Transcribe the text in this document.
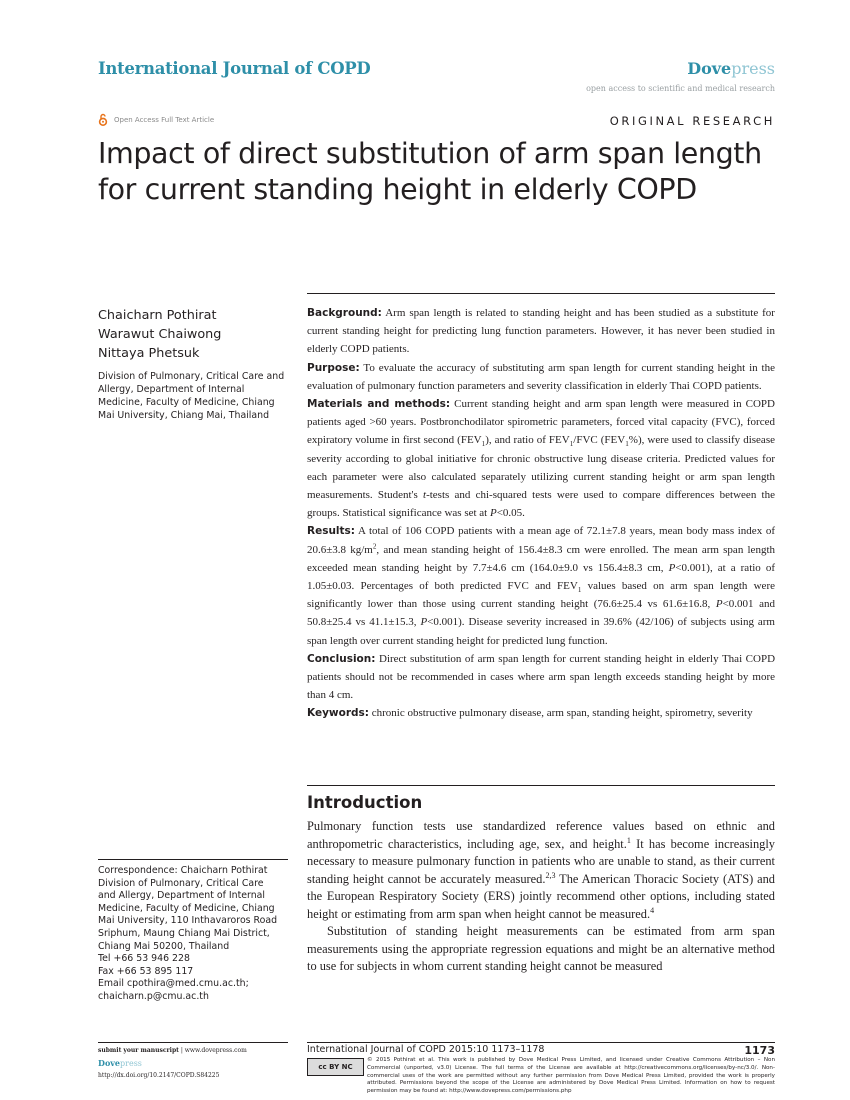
International Journal of COPD	Dovepress
open access to scientific and medical research
Open Access Full Text Article	ORIGINAL RESEARCH
Impact of direct substitution of arm span length
for current standing height in elderly COPD
Chaicharn Pothirat
Warawut Chaiwong
Nittaya Phetsuk
Division of Pulmonary, Critical Care and Allergy, Department of Internal Medicine, Faculty of Medicine, Chiang Mai University, Chiang Mai, Thailand
Correspondence: Chaicharn Pothirat
Division of Pulmonary, Critical Care
and Allergy, Department of Internal
Medicine, Faculty of Medicine, Chiang
Mai University, 110 Inthavaroros Road
Sriphum, Maung Chiang Mai District,
Chiang Mai 50200, Thailand
Tel +66 53 946 228
Fax +66 53 895 117
Email cpothira@med.cmu.ac.th;
chaicharn.p@cmu.ac.th

Background: Arm span length is related to standing height and has been studied as a substitute for current standing height for predicting lung function parameters. However, it has never been studied in elderly COPD patients.

Purpose: To evaluate the accuracy of substituting arm span length for current standing height in the evaluation of pulmonary function parameters and severity classification in elderly Thai COPD patients.

Materials and methods: Current standing height and arm span length were measured in COPD patients aged >60 years. Postbronchodilator spirometric parameters, forced vital capacity (FVC), forced expiratory volume in first second $(FEV_1)$, and ratio of $FEV_1$/FVC $(FEV_1\%)$, were used to classify disease severity according to global initiative for chronic obstructive lung disease criteria. Predicted values for each parameter were also calculated separately utilizing current standing height or arm span length measurements. Student's t-tests and chi-squared tests were used to compare differences between the groups. Statistical significance was set at P<0.05.

Results: A total of 106 COPD patients with a mean age of 72.1±7.8 years, mean body mass index of 20.6±3.8 $kg/m^2$, and mean standing height of 156.4±8.3 cm were enrolled. The mean arm span length exceeded mean standing height by 7.7±4.6 cm (164.0±9.0 vs 156.4±8.3 cm, P<0.001), at a ratio of 1.05±0.03. Percentages of both predicted FVC and $FEV_1$ values based on arm span length were significantly lower than those using current standing height (76.6±25.4 vs 61.6±16.8, P<0.001 and 50.8±25.4 vs 41.1±15.3, P<0.001). Disease severity increased in 39.6% (42/106) of subjects using arm span length over current standing height for predicted lung function.

Conclusion: Direct substitution of arm span length for current standing height in elderly Thai COPD patients should not be recommended in cases where arm span length exceeds standing height by more than 4 cm.

Keywords: chronic obstructive pulmonary disease, arm span, standing height, spirometry, severity

Introduction

Pulmonary function tests use standardized reference values based on ethnic and anthropometric characteristics, including age, sex, and height.$^1$ It has become increasingly necessary to measure pulmonary function in patients who are unable to stand, as their current standing height cannot be accurately measured.$^{2,3}$ The American Thoracic Society (ATS) and the European Respiratory Society (ERS) jointly recommend other options, including stated height or estimating from arm span when height cannot be measured.$^4$

Substitution of standing height measurements can be estimated from arm span measurements using the appropriate regression equations and might be an alternative method to use for subjects in whom current standing height cannot be measured

submit your manuscript | www.dovepress.com
Dovepress
http://dx.doi.org/10.2147/COPD.S84225
International Journal of COPD 2015:10 1173–1178	1173
cc BY NC
© 2015 Pothirat et al. This work is published by Dove Medical Press Limited, and licensed under Creative Commons Attribution – Non Commercial (unported, v3.0) License. The full terms of the License are available at http://creativecommons.org/licenses/by-nc/3.0/. Non-commercial uses of the work are permitted without any further permission from Dove Medical Press Limited, provided the work is properly attributed. Permissions beyond the scope of the License are administered by Dove Medical Press Limited. Information on how to request permission may be found at: http://www.dovepress.com/permissions.php
